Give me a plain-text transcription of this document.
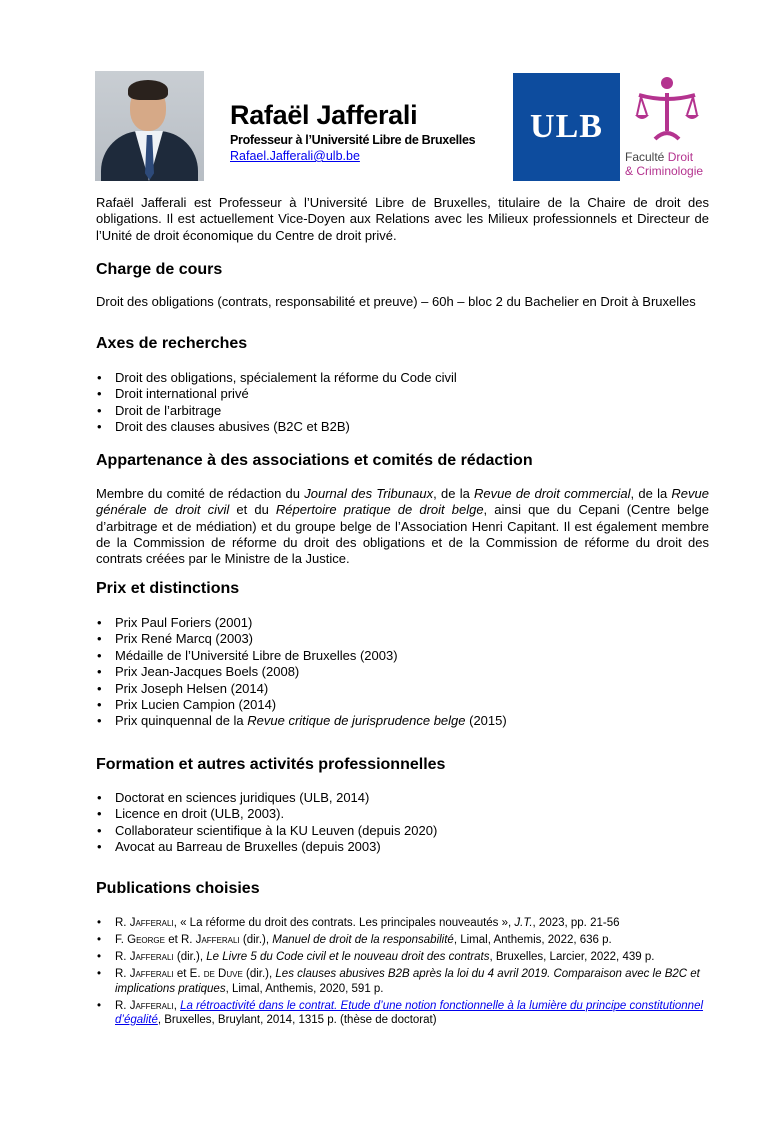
Rafaël Jafferali
Professeur à l’Université Libre de Bruxelles
Rafael.Jafferali@ulb.be
ULB
Faculté Droit
& Criminologie
Rafaël Jafferali est Professeur à l’Université Libre de Bruxelles, titulaire de la Chaire de droit des obligations. Il est actuellement Vice-Doyen aux Relations avec les Milieux professionnels et Directeur de l’Unité de droit économique du Centre de droit privé.
Charge de cours
Droit des obligations (contrats, responsabilité et preuve) – 60h – bloc 2 du Bachelier en Droit à Bruxelles
Axes de recherches
• Droit des obligations, spécialement la réforme du Code civil
• Droit international privé
• Droit de l’arbitrage
• Droit des clauses abusives (B2C et B2B)
Appartenance à des associations et comités de rédaction
Membre du comité de rédaction du Journal des Tribunaux, de la Revue de droit commercial, de la Revue générale de droit civil et du Répertoire pratique de droit belge, ainsi que du Cepani (Centre belge d’arbitrage et de médiation) et du groupe belge de l’Association Henri Capitant. Il est également membre de la Commission de réforme du droit des obligations et de la Commission de réforme du droit des contrats créées par le Ministre de la Justice.
Prix et distinctions
• Prix Paul Foriers (2001)
• Prix René Marcq (2003)
• Médaille de l’Université Libre de Bruxelles (2003)
• Prix Jean-Jacques Boels (2008)
• Prix Joseph Helsen (2014)
• Prix Lucien Campion (2014)
• Prix quinquennal de la Revue critique de jurisprudence belge (2015)
Formation et autres activités professionnelles
• Doctorat en sciences juridiques (ULB, 2014)
• Licence en droit (ULB, 2003).
• Collaborateur scientifique à la KU Leuven (depuis 2020)
• Avocat au Barreau de Bruxelles (depuis 2003)
Publications choisies
• R. Jafferali, « La réforme du droit des contrats. Les principales nouveautés », J.T., 2023, pp. 21-56
• F. George et R. Jafferali (dir.), Manuel de droit de la responsabilité, Limal, Anthemis, 2022, 636 p.
• R. Jafferali (dir.), Le Livre 5 du Code civil et le nouveau droit des contrats, Bruxelles, Larcier, 2022, 439 p.
• R. Jafferali et E. de Duve (dir.), Les clauses abusives B2B après la loi du 4 avril 2019. Comparaison avec le B2C et implications pratiques, Limal, Anthemis, 2020, 591 p.
• R. Jafferali, La rétroactivité dans le contrat. Etude d’une notion fonctionnelle à la lumière du principe constitutionnel d’égalité, Bruxelles, Bruylant, 2014, 1315 p. (thèse de doctorat)
